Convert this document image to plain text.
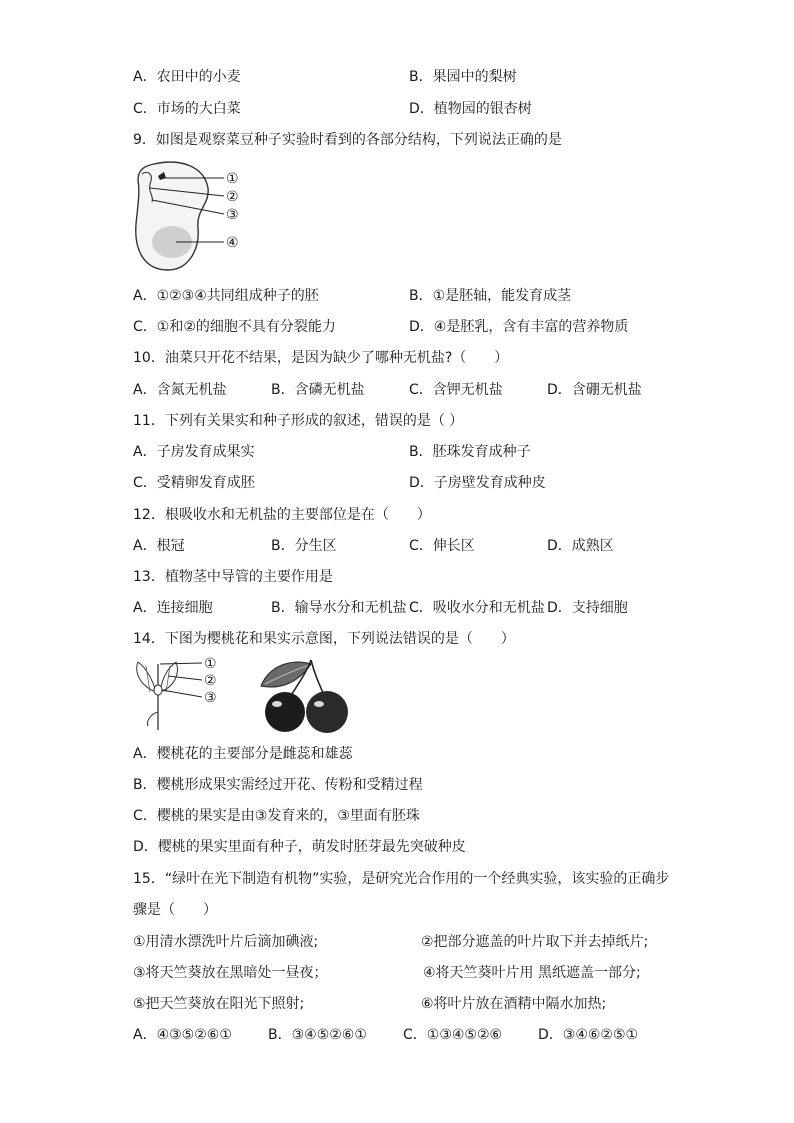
A．农田中的小麦	B．果园中的梨树
C．市场的大白菜	D．植物园的银杏树
9．如图是观察菜豆种子实验时看到的各部分结构，下列说法正确的是
①
②
③
④
A．①②③④共同组成种子的胚	B．①是胚轴，能发育成茎
C．①和②的细胞不具有分裂能力	D．④是胚乳，含有丰富的营养物质
10．油菜只开花不结果，是因为缺少了哪种无机盐?（　　）
A．含氮无机盐	B．含磷无机盐	C．含钾无机盐	D．含硼无机盐
11．下列有关果实和种子形成的叙述，错误的是（ ）
A．子房发育成果实	B．胚珠发育成种子
C．受精卵发育成胚	D．子房壁发育成种皮
12．根吸收水和无机盐的主要部位是在（　　）
A．根冠	B．分生区	C．伸长区	D．成熟区
13．植物茎中导管的主要作用是
A．连接细胞	B．输导水分和无机盐 C．吸收水分和无机盐 D．支持细胞
14．下图为樱桃花和果实示意图，下列说法错误的是（　　）
①
②
③
A．樱桃花的主要部分是雌蕊和雄蕊
B．樱桃形成果实需经过开花、传粉和受精过程
C．樱桃的果实是由③发育来的，③里面有胚珠
D．樱桃的果实里面有种子，萌发时胚芽最先突破种皮
15．“绿叶在光下制造有机物”实验，是研究光合作用的一个经典实验，该实验的正确步
骤是（　　）
①用清水漂洗叶片后滴加碘液;	②把部分遮盖的叶片取下并去掉纸片;
③将天竺葵放在黑暗处一昼夜；	④将天竺葵叶片用 黑纸遮盖一部分;
⑤把天竺葵放在阳光下照射;	⑥将叶片放在酒精中隔水加热;
A．④③⑤②⑥①	B．③④⑤②⑥①	C．①③④⑤②⑥	D．③④⑥②⑤①
